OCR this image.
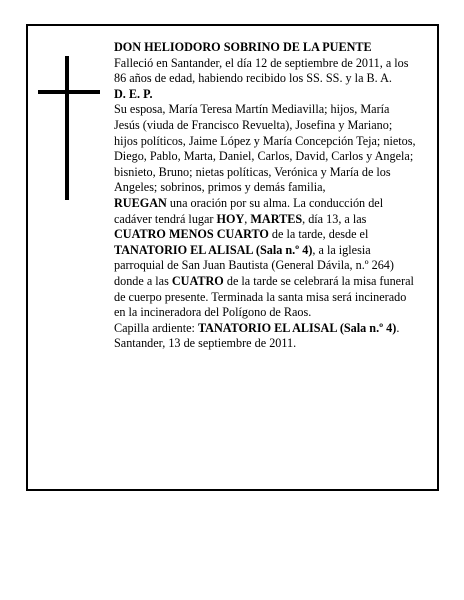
DON HELIODORO SOBRINO DE LA PUENTE

Falleció en Santander, el día 12 de septiembre de 2011, a los 86 años de edad, habiendo recibido los SS. SS. y la B. A.

D. E. P.

Su esposa, María Teresa Martín Mediavilla; hijos, María Jesús (viuda de Francisco Revuelta), Josefina y Mariano; hijos políticos, Jaime López y María Concepción Teja; nietos, Diego, Pablo, Marta, Daniel, Carlos, David, Carlos y Angela; bisnieto, Bruno; nietas políticas, Verónica y María de los Angeles; sobrinos, primos y demás familia,

RUEGAN una oración por su alma. La conducción del cadáver tendrá lugar HOY, MARTES, día 13, a las CUATRO MENOS CUARTO de la tarde, desde el TANATORIO EL ALISAL (Sala n.º 4), a la iglesia parroquial de San Juan Bautista (General Dávila, n.º 264) donde a las CUATRO de la tarde se celebrará la misa funeral de cuerpo presente. Terminada la santa misa será incinerado en la incineradora del Polígono de Raos.

Capilla ardiente: TANATORIO EL ALISAL (Sala n.º 4).

Santander, 13 de septiembre de 2011.
